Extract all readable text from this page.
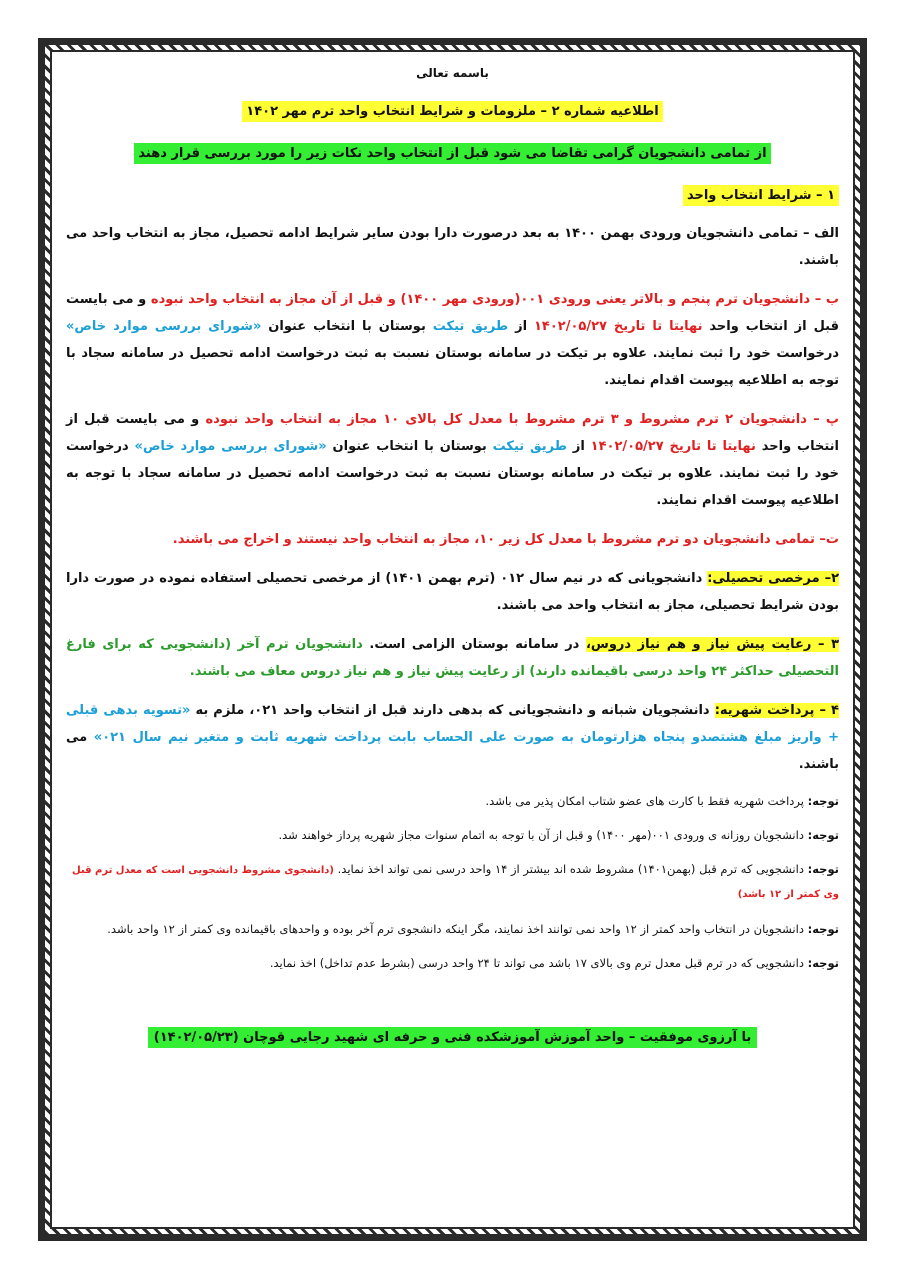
باسمه تعالی
اطلاعیه شماره ۲ – ملزومات و شرایط انتخاب واحد ترم مهر ۱۴۰۲
از تمامی دانشجویان گرامی تقاضا می شود قبل از انتخاب واحد نکات زیر را مورد بررسی قرار دهند
۱ – شرایط انتخاب واحد

الف – تمامی دانشجویان ورودی بهمن ۱۴۰۰ به بعد درصورت دارا بودن سایر شرایط ادامه تحصیل، مجاز به انتخاب واحد می باشند.

ب – دانشجویان ترم پنجم و بالاتر یعنی ورودی ۰۰۱(ورودی مهر ۱۴۰۰) و قبل از آن مجاز به انتخاب واحد نبوده و می بایست قبل از انتخاب واحد نهایتا تا تاریخ ۱۴۰۲/۰۵/۲۷ از طریق تیکت بوستان با انتخاب عنوان «شورای بررسی موارد خاص» درخواست خود را ثبت نمایند. علاوه بر تیکت در سامانه بوستان نسبت به ثبت درخواست ادامه تحصیل در سامانه سجاد با توجه به اطلاعیه پیوست اقدام نمایند.

پ – دانشجویان ۲ ترم مشروط و ۳ ترم مشروط با معدل کل بالای ۱۰ مجاز به انتخاب واحد نبوده و می بایست قبل از انتخاب واحد نهایتا تا تاریخ ۱۴۰۲/۰۵/۲۷ از طریق تیکت بوستان با انتخاب عنوان «شورای بررسی موارد خاص» درخواست خود را ثبت نمایند. علاوه بر تیکت در سامانه بوستان نسبت به ثبت درخواست ادامه تحصیل در سامانه سجاد با توجه به اطلاعیه پیوست اقدام نمایند.

ت– تمامی دانشجویان دو ترم مشروط با معدل کل زیر ۱۰، مجاز به انتخاب واحد نیستند و اخراج می باشند.

۲– مرخصی تحصیلی: دانشجویانی که در نیم سال ۰۱۲ (ترم بهمن ۱۴۰۱) از مرخصی تحصیلی استفاده نموده در صورت دارا بودن شرایط تحصیلی، مجاز به انتخاب واحد می باشند.

۳ – رعایت پیش نیاز و هم نیاز دروس، در سامانه بوستان الزامی است. دانشجویان ترم آخر (دانشجویی که برای فارغ التحصیلی حداکثر ۲۴ واحد درسی باقیمانده دارند) از رعایت پیش نیاز و هم نیاز دروس معاف می باشند.

۴ – پرداخت شهریه: دانشجویان شبانه و دانشجویانی که بدهی دارند قبل از انتخاب واحد ۰۲۱، ملزم به «تسویه بدهی قبلی + واریز مبلغ هشتصدو پنجاه هزارتومان به صورت علی الحساب بابت پرداخت شهریه ثابت و متغیر نیم سال ۰۲۱» می باشند.

توجه: پرداخت شهریه فقط با کارت های عضو شتاب امکان پذیر می باشد.

توجه: دانشجویان روزانه ی ورودی ۰۰۱(مهر ۱۴۰۰) و قبل از آن با توجه به اتمام سنوات مجاز شهریه پرداز خواهند شد.

توجه: دانشجویی که ترم قبل (بهمن۱۴۰۱) مشروط شده اند بیشتر از ۱۴ واحد درسی نمی تواند اخذ نماید. (دانشجوی مشروط دانشجویی است که معدل ترم قبل وی کمتر از ۱۲ باشد)

توجه: دانشجویان در انتخاب واحد کمتر از ۱۲ واحد نمی توانند اخذ نمایند، مگر اینکه دانشجوی ترم آخر بوده و واحدهای باقیمانده وی کمتر از ۱۲ واحد باشد.

توجه: دانشجویی که در ترم قبل معدل ترم وی بالای ۱۷ باشد می تواند تا ۲۴ واحد درسی (بشرط عدم تداخل) اخذ نماید.

با آرزوی موفقیت – واحد آموزش آموزشکده فنی و حرفه ای شهید رجایی قوچان (۱۴۰۲/۰۵/۲۳)
